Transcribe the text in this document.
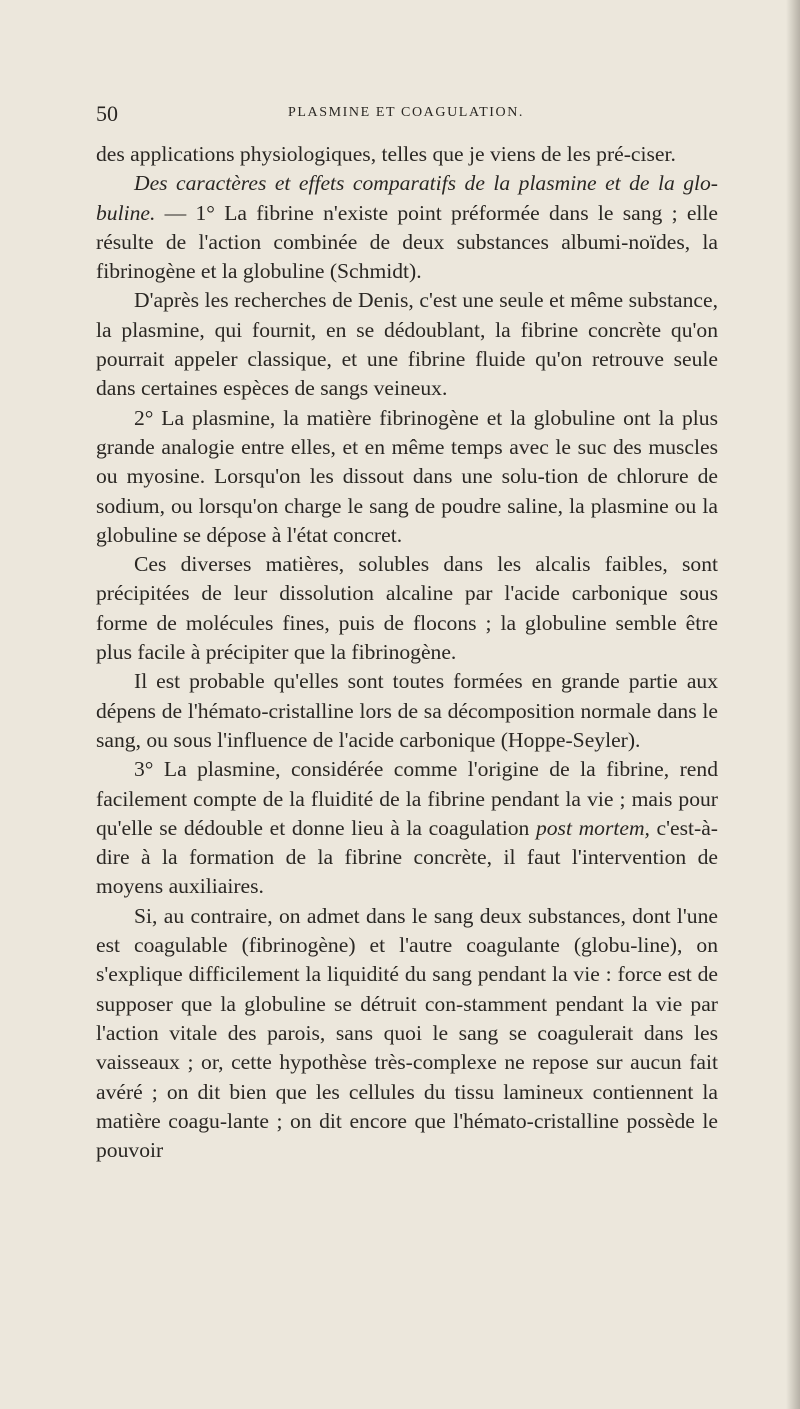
50	PLASMINE ET COAGULATION.

des applications physiologiques, telles que je viens de les pré-ciser.

Des caractères et effets comparatifs de la plasmine et de la glo-buline. — 1° La fibrine n'existe point préformée dans le sang ; elle résulte de l'action combinée de deux substances albumi-noïdes, la fibrinogène et la globuline (Schmidt).

D'après les recherches de Denis, c'est une seule et même substance, la plasmine, qui fournit, en se dédoublant, la fibrine concrète qu'on pourrait appeler classique, et une fibrine fluide qu'on retrouve seule dans certaines espèces de sangs veineux.

2° La plasmine, la matière fibrinogène et la globuline ont la plus grande analogie entre elles, et en même temps avec le suc des muscles ou myosine. Lorsqu'on les dissout dans une solu-tion de chlorure de sodium, ou lorsqu'on charge le sang de poudre saline, la plasmine ou la globuline se dépose à l'état concret.

Ces diverses matières, solubles dans les alcalis faibles, sont précipitées de leur dissolution alcaline par l'acide carbonique sous forme de molécules fines, puis de flocons ; la globuline semble être plus facile à précipiter que la fibrinogène.

Il est probable qu'elles sont toutes formées en grande partie aux dépens de l'hémato-cristalline lors de sa décomposition normale dans le sang, ou sous l'influence de l'acide carbonique (Hoppe-Seyler).

3° La plasmine, considérée comme l'origine de la fibrine, rend facilement compte de la fluidité de la fibrine pendant la vie ; mais pour qu'elle se dédouble et donne lieu à la coagulation post mortem, c'est-à-dire à la formation de la fibrine concrète, il faut l'intervention de moyens auxiliaires.

Si, au contraire, on admet dans le sang deux substances, dont l'une est coagulable (fibrinogène) et l'autre coagulante (globu-line), on s'explique difficilement la liquidité du sang pendant la vie : force est de supposer que la globuline se détruit con-stamment pendant la vie par l'action vitale des parois, sans quoi le sang se coagulerait dans les vaisseaux ; or, cette hypothèse très-complexe ne repose sur aucun fait avéré ; on dit bien que les cellules du tissu lamineux contiennent la matière coagu-lante ; on dit encore que l'hémato-cristalline possède le pouvoir
